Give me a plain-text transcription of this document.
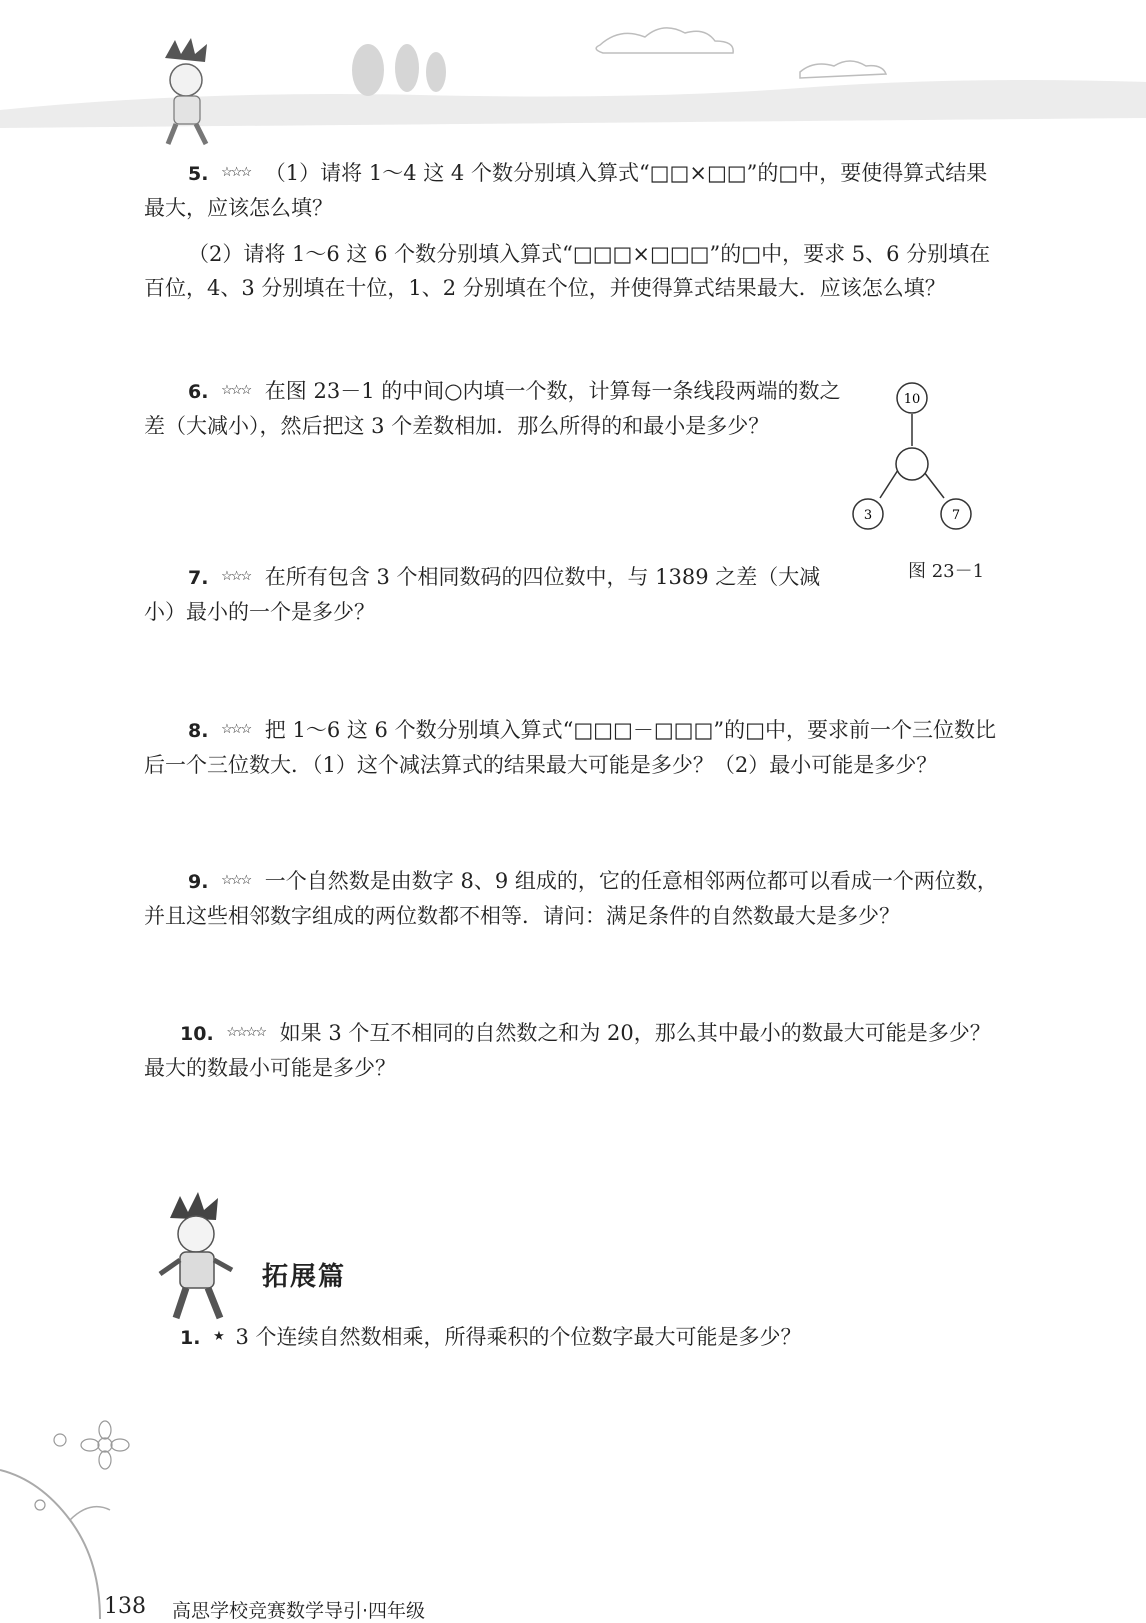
5. ☆☆☆ （1）请将 1～4 这 4 个数分别填入算式“□□×□□”的□中，要使得算式结果最大，应该怎么填？
（2）请将 1～6 这 6 个数分别填入算式“□□□×□□□”的□中，要求 5、6 分别填在百位，4、3 分别填在十位，1、2 分别填在个位，并使得算式结果最大．应该怎么填？
6. ☆☆☆ 在图 23－1 的中间○内填一个数，计算每一条线段两端的数之差（大减小），然后把这 3 个差数相加．那么所得的和最小是多少？
10
3	7
图 23－1
7. ☆☆☆ 在所有包含 3 个相同数码的四位数中，与 1389 之差（大减小）最小的一个是多少？
8. ☆☆☆ 把 1～6 这 6 个数分别填入算式“□□□－□□□”的□中，要求前一个三位数比后一个三位数大．（1）这个减法算式的结果最大可能是多少？（2）最小可能是多少？
9. ☆☆☆ 一个自然数是由数字 8、9 组成的，它的任意相邻两位都可以看成一个两位数，并且这些相邻数字组成的两位数都不相等．请问：满足条件的自然数最大是多少？
10. ☆☆☆☆ 如果 3 个互不相同的自然数之和为 20，那么其中最小的数最大可能是多少？最大的数最小可能是多少？
拓展篇
1. ★ 3 个连续自然数相乘，所得乘积的个位数字最大可能是多少？
138 高思学校竞赛数学导引·四年级
